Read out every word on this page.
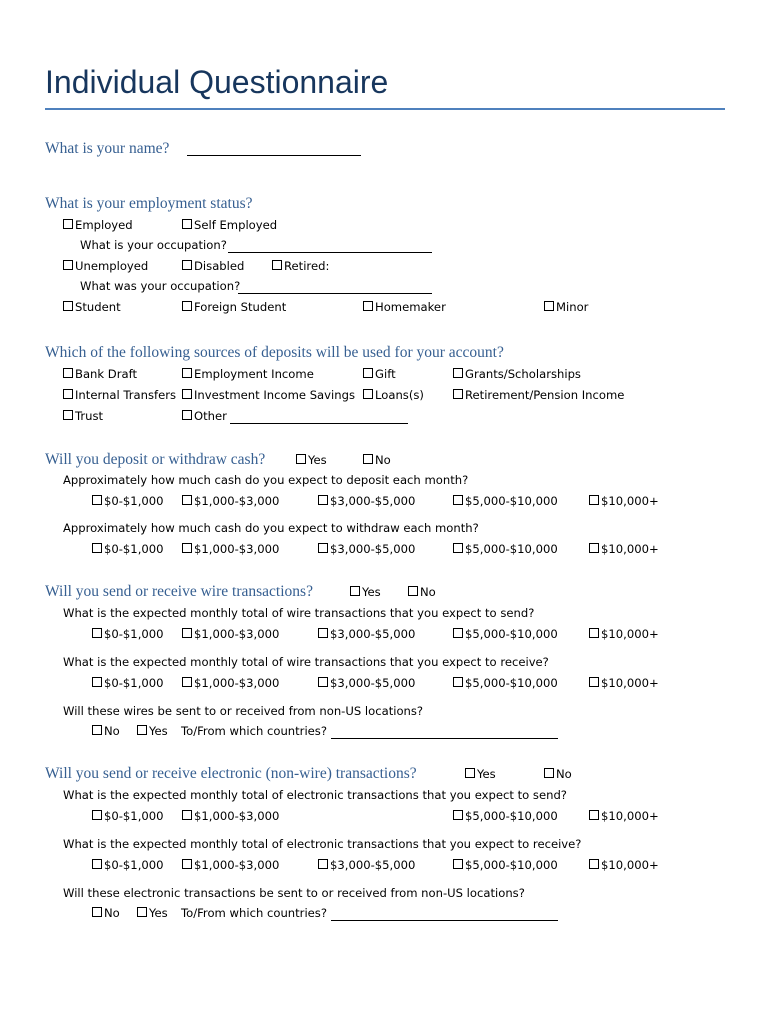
Individual Questionnaire
What is your name?
What is your employment status?
Employed	Self Employed
What is your occupation?
Unemployed	Disabled	Retired:
What was your occupation?
Student	Foreign Student	Homemaker	Minor
Which of the following sources of deposits will be used for your account?
Bank Draft	Employment Income	Gift	Grants/Scholarships
Internal Transfers	Investment Income Savings	Loans(s)	Retirement/Pension Income
Trust	Other
Will you deposit or withdraw cash?	Yes	No
Approximately how much cash do you expect to deposit each month?
$0-$1,000	$1,000-$3,000	$3,000-$5,000	$5,000-$10,000	$10,000+
Approximately how much cash do you expect to withdraw each month?
$0-$1,000	$1,000-$3,000	$3,000-$5,000	$5,000-$10,000	$10,000+
Will you send or receive wire transactions?	Yes	No
What is the expected monthly total of wire transactions that you expect to send?
$0-$1,000	$1,000-$3,000	$3,000-$5,000	$5,000-$10,000	$10,000+
What is the expected monthly total of wire transactions that you expect to receive?
$0-$1,000	$1,000-$3,000	$3,000-$5,000	$5,000-$10,000	$10,000+
Will these wires be sent to or received from non-US locations?
No	Yes To/From which countries?
Will you send or receive electronic (non-wire) transactions?	Yes	No
What is the expected monthly total of electronic transactions that you expect to send?
$0-$1,000	$1,000-$3,000	$5,000-$10,000	$10,000+
What is the expected monthly total of electronic transactions that you expect to receive?
$0-$1,000	$1,000-$3,000	$3,000-$5,000	$5,000-$10,000	$10,000+
Will these electronic transactions be sent to or received from non-US locations?
No	Yes To/From which countries?
